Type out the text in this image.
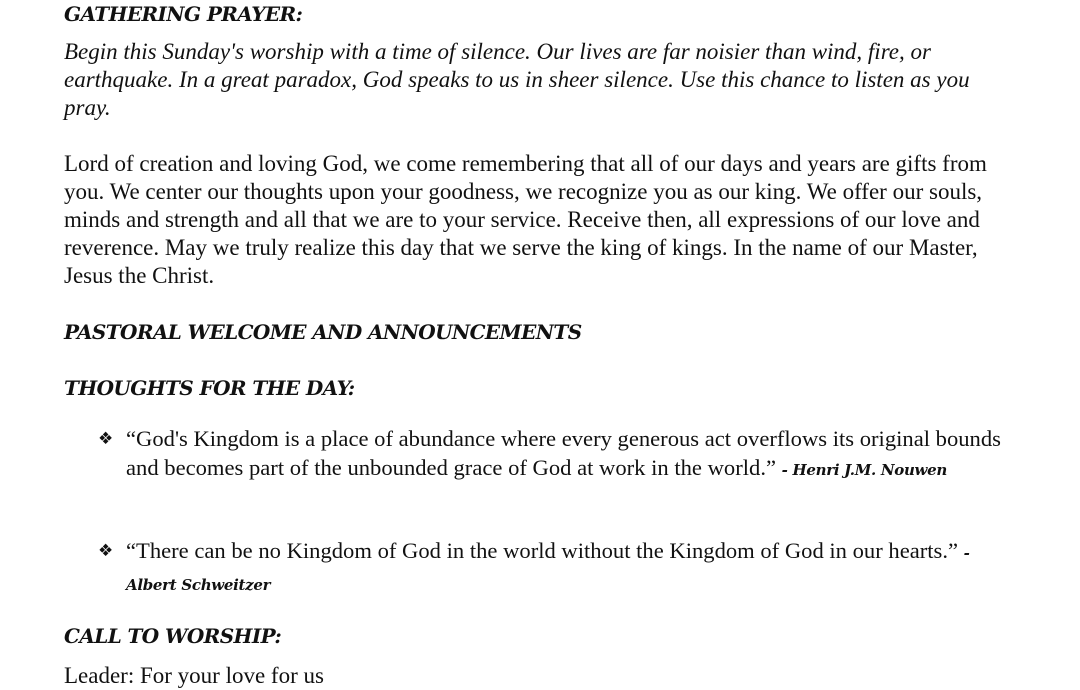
GATHERING PRAYER:

Begin this Sunday's worship with a time of silence. Our lives are far noisier than wind, fire, or earthquake. In a great paradox, God speaks to us in sheer silence. Use this chance to listen as you pray.

Lord of creation and loving God, we come remembering that all of our days and years are gifts from you. We center our thoughts upon your goodness, we recognize you as our king. We offer our souls, minds and strength and all that we are to your service. Receive then, all expressions of our love and reverence. May we truly realize this day that we serve the king of kings. In the name of our Master, Jesus the Christ.

PASTORAL WELCOME AND ANNOUNCEMENTS
THOUGHTS FOR THE DAY:
❖ “God's Kingdom is a place of abundance where every generous act overflows its original bounds and becomes part of the unbounded grace of God at work in the world.” - Henri J.M. Nouwen
❖ “There can be no Kingdom of God in the world without the Kingdom of God in our hearts.” - Albert Schweitzer
CALL TO WORSHIP:
Leader: For your love for us
